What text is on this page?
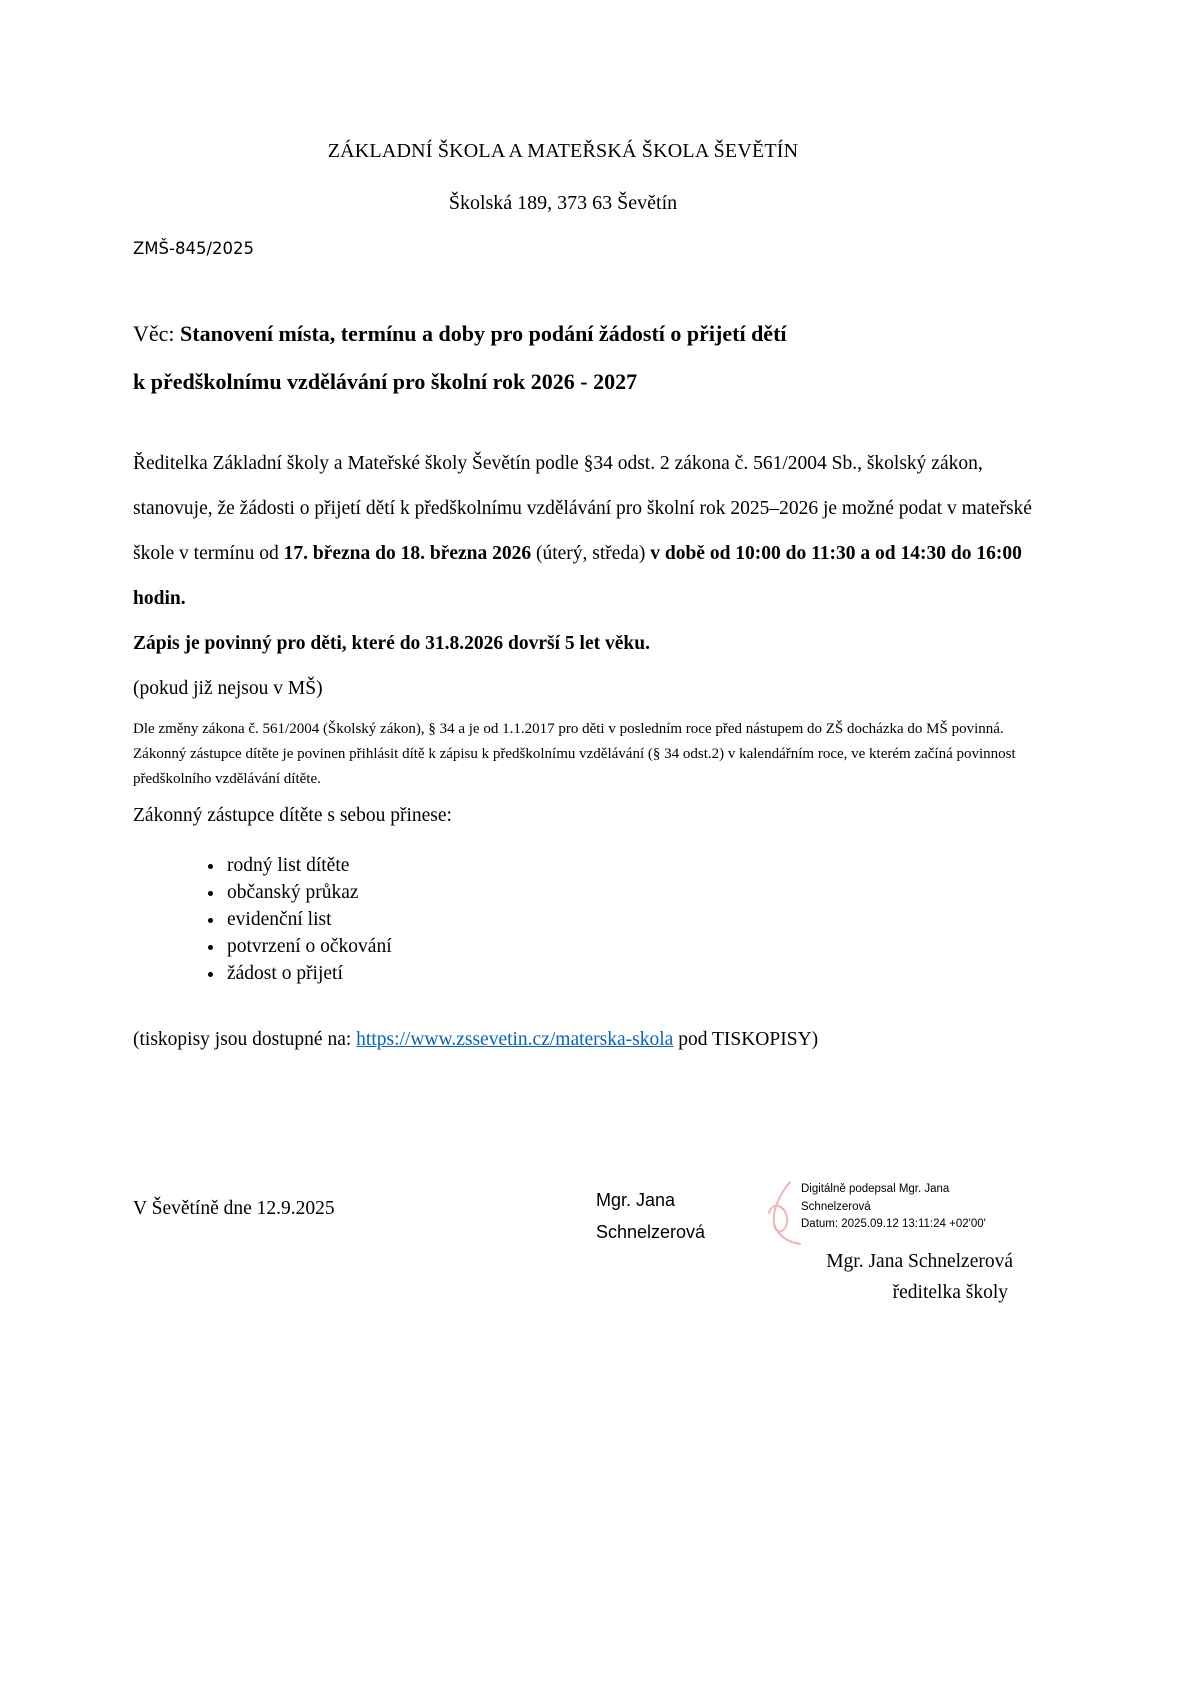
ZÁKLADNÍ ŠKOLA A MATEŘSKÁ ŠKOLA ŠEVĚTÍN
Školská 189, 373 63 Ševětín
ZMŠ-845/2025
Věc: Stanovení místa, termínu a doby pro podání žádostí o přijetí dětí
k předškolnímu vzdělávání pro školní rok 2026 - 2027
Ředitelka Základní školy a Mateřské školy Ševětín podle §34 odst. 2 zákona č. 561/2004 Sb., školský zákon, stanovuje, že žádosti o přijetí dětí k předškolnímu vzdělávání pro školní rok 2025–2026 je možné podat v mateřské škole v termínu od 17. března do 18. března 2026 (úterý, středa) v době od 10:00 do 11:30 a od 14:30 do 16:00 hodin.
Zápis je povinný pro děti, které do 31.8.2026 dovrší 5 let věku.
(pokud již nejsou v MŠ)
Dle změny zákona č. 561/2004 (Školský zákon), § 34 a je od 1.1.2017 pro děti v posledním roce před nástupem do ZŠ docházka do MŠ povinná. Zákonný zástupce dítěte je povinen přihlásit dítě k zápisu k předškolnímu vzdělávání (§ 34 odst.2) v kalendářním roce, ve kterém začíná povinnost předškolního vzdělávání dítěte.
Zákonný zástupce dítěte s sebou přinese:
• rodný list dítěte
• občanský průkaz
• evidenční list
• potvrzení o očkování
• žádost o přijetí
(tiskopisy jsou dostupné na: https://www.zssevetin.cz/materska-skola pod TISKOPISY)
V Ševětíně dne 12.9.2025	Mgr. Jana
Schnelzerová
Digitálně podepsal Mgr. Jana
Schnelzerová
Datum: 2025.09.12 13:11:24 +02'00'
Mgr. Jana Schnelzerová
ředitelka školy
